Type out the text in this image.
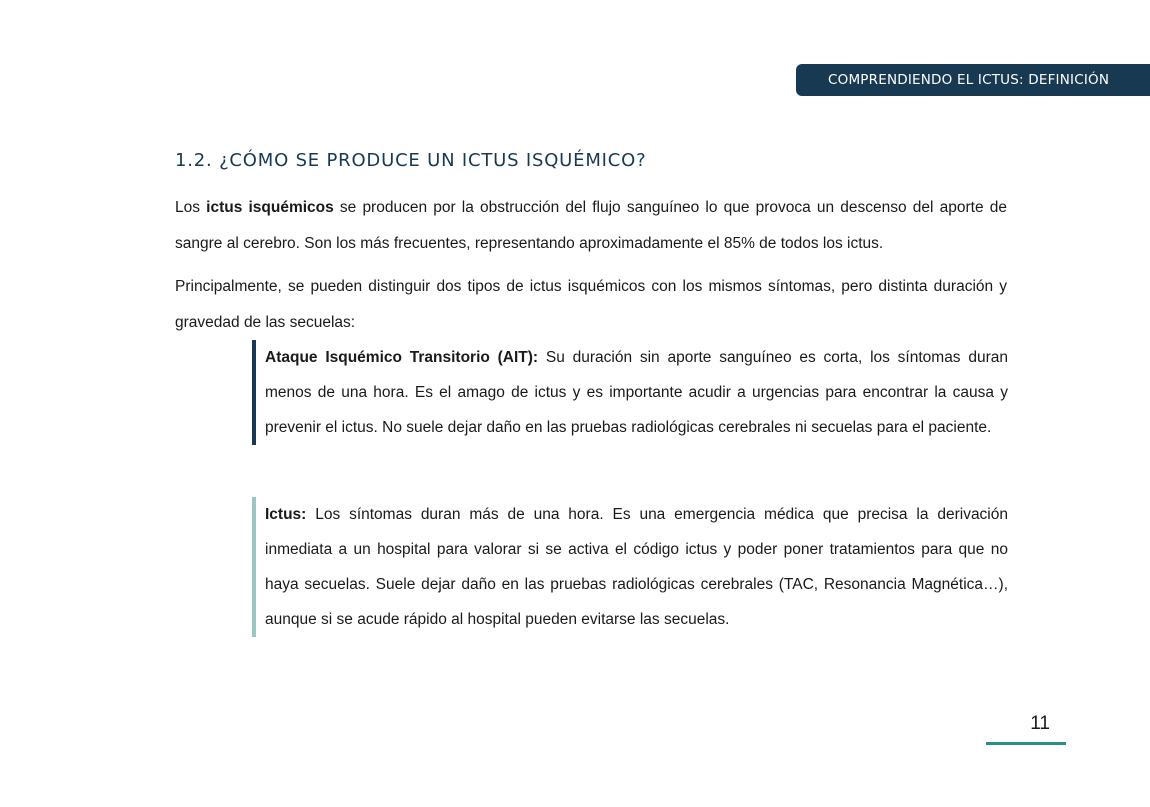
COMPRENDIENDO EL ICTUS: DEFINICIÓN
1.2. ¿CÓMO SE PRODUCE UN ICTUS ISQUÉMICO?

Los ictus isquémicos se producen por la obstrucción del flujo sanguíneo lo que provoca un descenso del aporte de sangre al cerebro. Son los más frecuentes, representando aproximadamente el 85% de todos los ictus.

Principalmente, se pueden distinguir dos tipos de ictus isquémicos con los mismos síntomas, pero distinta duración y gravedad de las secuelas:

Ataque Isquémico Transitorio (AIT): Su duración sin aporte sanguíneo es corta, los síntomas duran menos de una hora. Es el amago de ictus y es importante acudir a urgencias para encontrar la causa y prevenir el ictus. No suele dejar daño en las pruebas radiológicas cerebrales ni secuelas para el paciente.

Ictus: Los síntomas duran más de una hora. Es una emergencia médica que precisa la derivación inmediata a un hospital para valorar si se activa el código ictus y poder poner tratamientos para que no haya secuelas. Suele dejar daño en las pruebas radiológicas cerebrales (TAC, Resonancia Magnética…), aunque si se acude rápido al hospital pueden evitarse las secuelas.

11
